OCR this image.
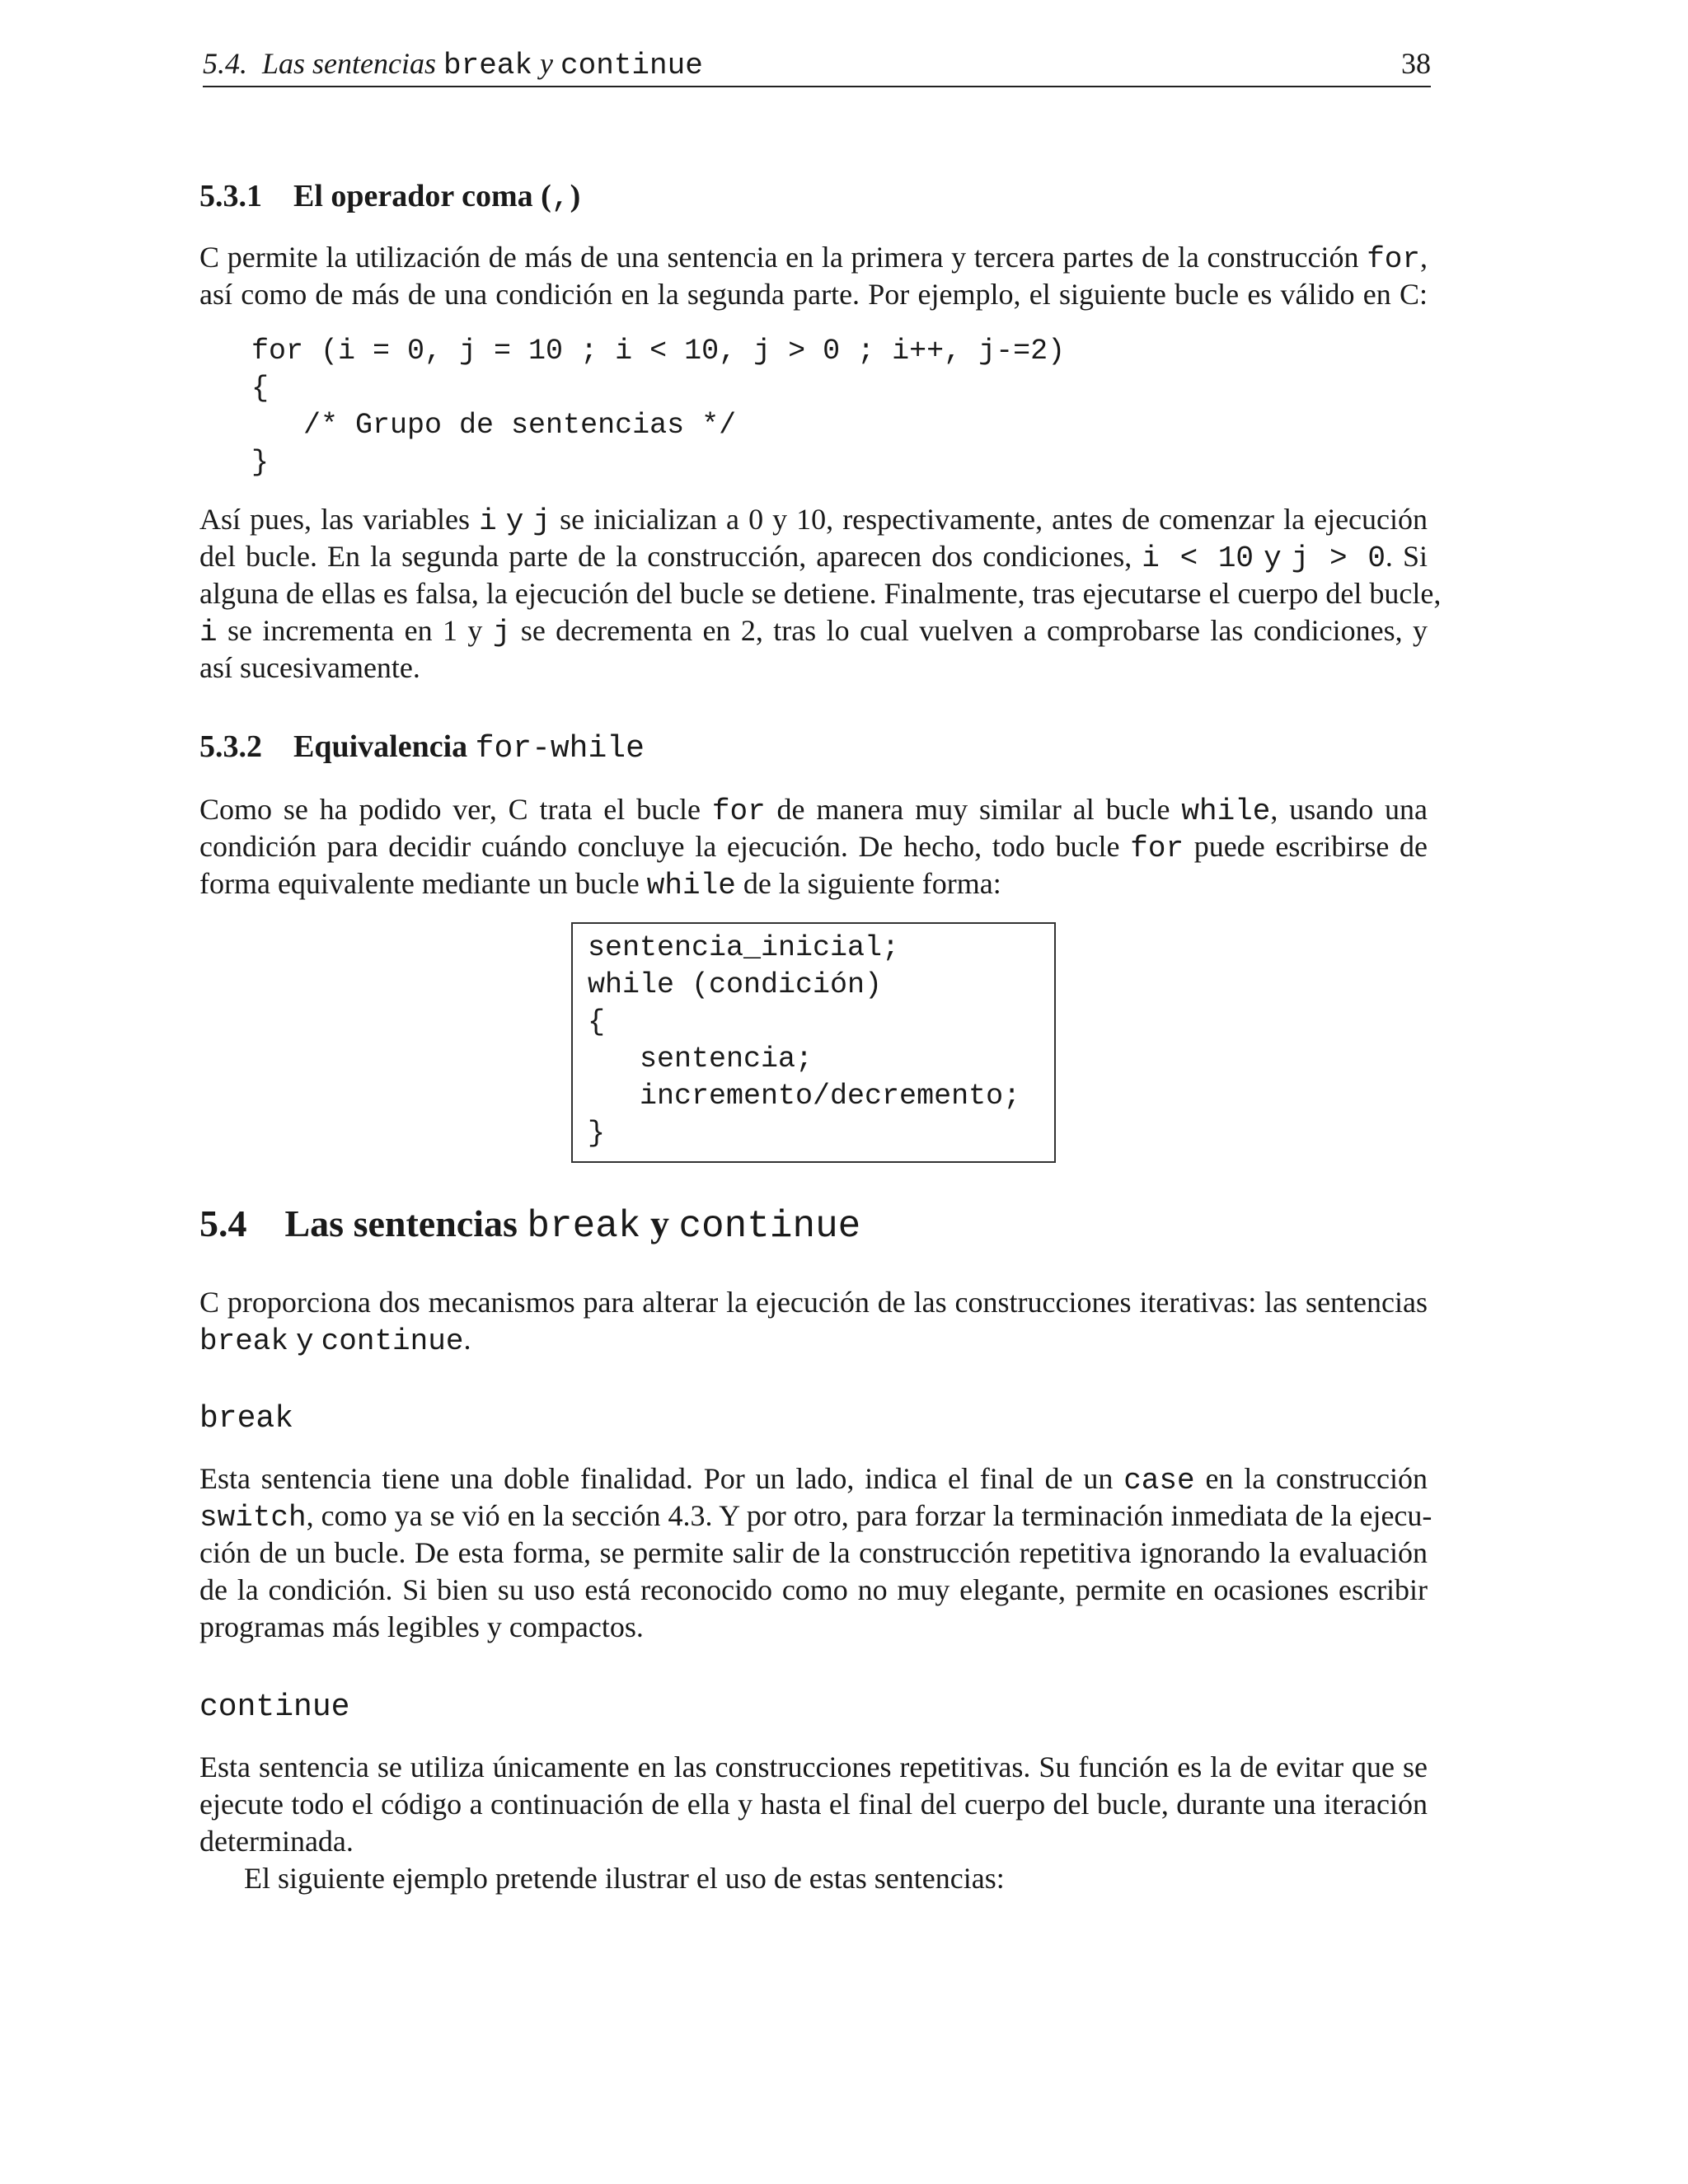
5.4. Las sentencias break y continue	38
5.3.1 El operador coma (,)
C permite la utilización de más de una sentencia en la primera y tercera partes de la construcción for,
así como de más de una condición en la segunda parte. Por ejemplo, el siguiente bucle es válido en C:
for (i = 0, j = 10 ; i < 10, j > 0 ; i++, j-=2)
{
/* Grupo de sentencias */
}
Así pues, las variables i y j se inicializan a 0 y 10, respectivamente, antes de comenzar la ejecución
del bucle. En la segunda parte de la construcción, aparecen dos condiciones, i < 10 y j > 0. Si
alguna de ellas es falsa, la ejecución del bucle se detiene. Finalmente, tras ejecutarse el cuerpo del bucle,
i se incrementa en 1 y j se decrementa en 2, tras lo cual vuelven a comprobarse las condiciones, y
así sucesivamente.
5.3.2 Equivalencia for-while
Como se ha podido ver, C trata el bucle for de manera muy similar al bucle while, usando una
condición para decidir cuándo concluye la ejecución. De hecho, todo bucle for puede escribirse de
forma equivalente mediante un bucle while de la siguiente forma:
sentencia_inicial;
while (condición)
{
sentencia;
incremento/decremento;
}
5.4 Las sentencias break y continue
C proporciona dos mecanismos para alterar la ejecución de las construcciones iterativas: las sentencias
break y continue.
break
Esta sentencia tiene una doble finalidad. Por un lado, indica el final de un case en la construcción
switch, como ya se vió en la sección 4.3. Y por otro, para forzar la terminación inmediata de la ejecu-
ción de un bucle. De esta forma, se permite salir de la construcción repetitiva ignorando la evaluación
de la condición. Si bien su uso está reconocido como no muy elegante, permite en ocasiones escribir
programas más legibles y compactos.
continue
Esta sentencia se utiliza únicamente en las construcciones repetitivas. Su función es la de evitar que se
ejecute todo el código a continuación de ella y hasta el final del cuerpo del bucle, durante una iteración
determinada.
El siguiente ejemplo pretende ilustrar el uso de estas sentencias:
